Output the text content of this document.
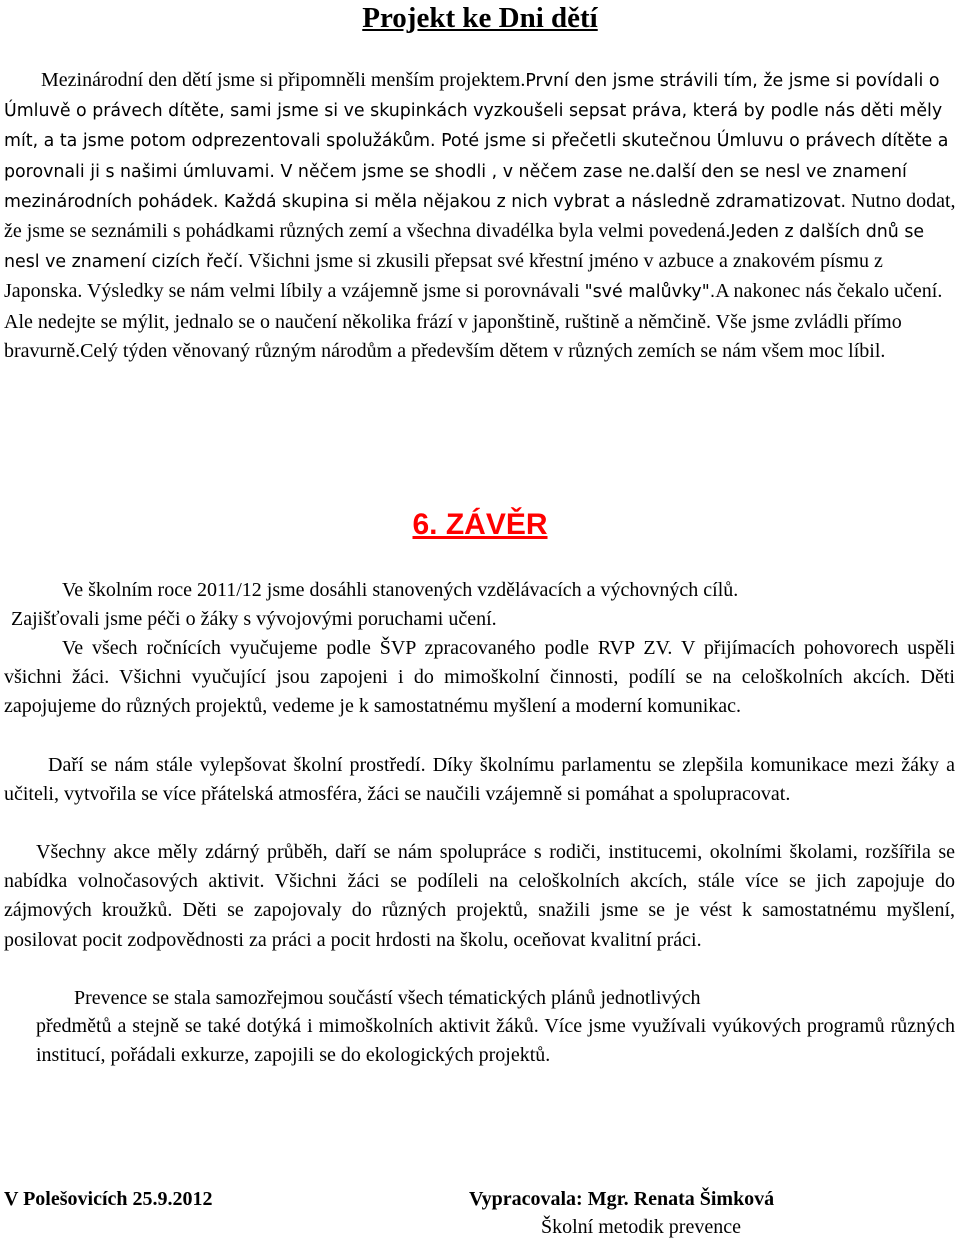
Projekt ke Dni dětí

Mezinárodní den dětí jsme si připomněli menším projektem.První den jsme strávili tím, že jsme si povídali o Úmluvě o právech dítěte, sami jsme si ve skupinkách vyzkoušeli sepsat práva, která by podle nás děti měly mít, a ta jsme potom odprezentovali spolužákům. Poté jsme si přečetli skutečnou Úmluvu o právech dítěte a porovnali ji s našimi úmluvami. V něčem jsme se shodli , v něčem zase ne.další den se nesl ve znamení mezinárodních pohádek. Každá skupina si měla nějakou z nich vybrat a následně zdramatizovat. Nutno dodat, že jsme se seznámili s pohádkami různých zemí a všechna divadélka byla velmi povedená.Jeden z dalších dnů se nesl ve znamení cizích řečí. Všichni jsme si zkusili přepsat své křestní jméno v azbuce a znakovém písmu z Japonska. Výsledky se nám velmi líbily a vzájemně jsme si porovnávali "své malůvky".A nakonec nás čekalo učení. Ale nedejte se mýlit, jednalo se o naučení několika frází v japonštině, ruštině a němčině. Vše jsme zvládli přímo bravurně.Celý týden věnovaný různým národům a především dětem v různých zemích se nám všem moc líbil.

6. ZÁVĚR

Ve školním roce 2011/12 jsme dosáhli stanovených vzdělávacích a výchovných cílů.

Zajišťovali jsme péči o žáky s vývojovými poruchami učení.

Ve všech ročnících vyučujeme podle ŠVP zpracovaného podle RVP ZV. V přijímacích pohovorech uspěli všichni žáci. Všichni vyučující jsou zapojeni i do mimoškolní činnosti, podílí se na celoškolních akcích. Děti zapojujeme do různých projektů, vedeme je k samostatnému myšlení a moderní komunikac.

Daří se nám stále vylepšovat školní prostředí. Díky školnímu parlamentu se zlepšila komunikace mezi žáky a učiteli, vytvořila se více přátelská atmosféra, žáci se naučili vzájemně si pomáhat a spolupracovat.

Všechny akce měly zdárný průběh, daří se nám spolupráce s rodiči, institucemi, okolními školami, rozšířila se nabídka volnočasových aktivit. Všichni žáci se podíleli na celoškolních akcích, stále více se jich zapojuje do zájmových kroužků. Děti se zapojovaly do různých projektů, snažili jsme se je vést k samostatnému myšlení, posilovat pocit zodpovědnosti za práci a pocit hrdosti na školu, oceňovat kvalitní práci.

Prevence se stala samozřejmou součástí všech tématických plánů jednotlivých

předmětů a stejně se také dotýká i mimoškolních aktivit žáků. Více jsme využívali vyúkových programů různých institucí, pořádali exkurze, zapojili se do ekologických projektů.

V Polešovicích 25.9.2012	Vypracovala: Mgr. Renata Šimková

Školní metodik prevence
